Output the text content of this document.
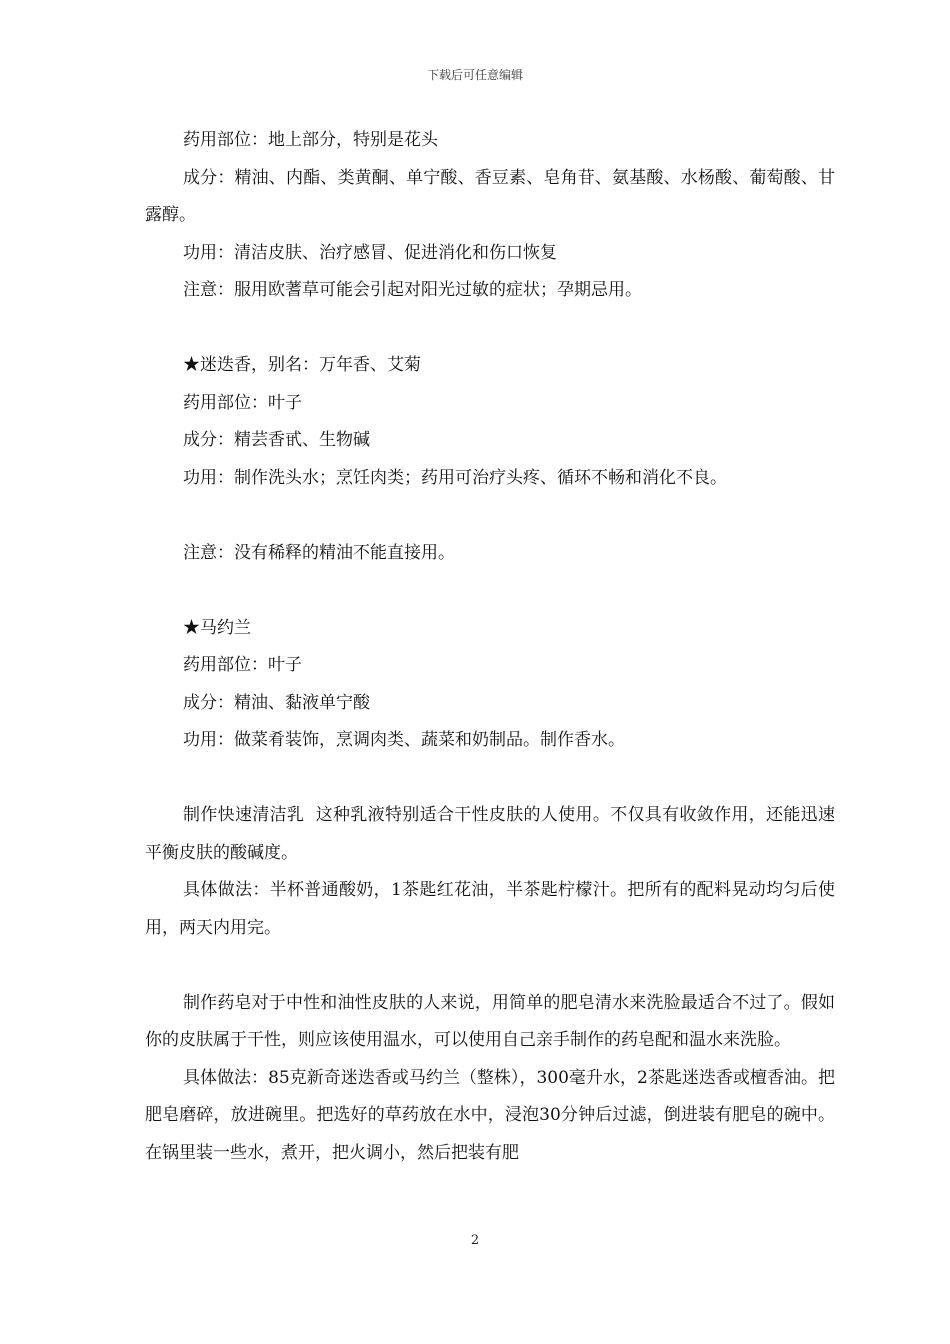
下载后可任意编辑

药用部位：地上部分，特别是花头

成分：精油、内酯、类黄酮、单宁酸、香豆素、皂角苷、氨基酸、水杨酸、葡萄酸、甘露醇。

功用：清洁皮肤、治疗感冒、促进消化和伤口恢复

注意：服用欧蓍草可能会引起对阳光过敏的症状；孕期忌用。

★迷迭香，别名：万年香、艾菊

药用部位：叶子

成分：精芸香甙、生物碱

功用：制作洗头水；烹饪肉类；药用可治疗头疼、循环不畅和消化不良。

注意：没有稀释的精油不能直接用。

★马约兰

药用部位：叶子

成分：精油、黏液单宁酸

功用：做菜肴装饰，烹调肉类、蔬菜和奶制品。制作香水。

制作快速清洁乳  这种乳液特别适合干性皮肤的人使用。不仅具有收敛作用，还能迅速平衡皮肤的酸碱度。

具体做法：半杯普通酸奶，1茶匙红花油，半茶匙柠檬汁。把所有的配料晃动均匀后使用，两天内用完。

制作药皂对于中性和油性皮肤的人来说，用简单的肥皂清水来洗脸最适合不过了。假如你的皮肤属于干性，则应该使用温水，可以使用自己亲手制作的药皂配和温水来洗脸。

具体做法：85克新奇迷迭香或马约兰（整株），300毫升水，2茶匙迷迭香或檀香油。把肥皂磨碎，放进碗里。把选好的草药放在水中，浸泡30分钟后过滤，倒进装有肥皂的碗中。在锅里装一些水，煮开，把火调小，然后把装有肥

2
